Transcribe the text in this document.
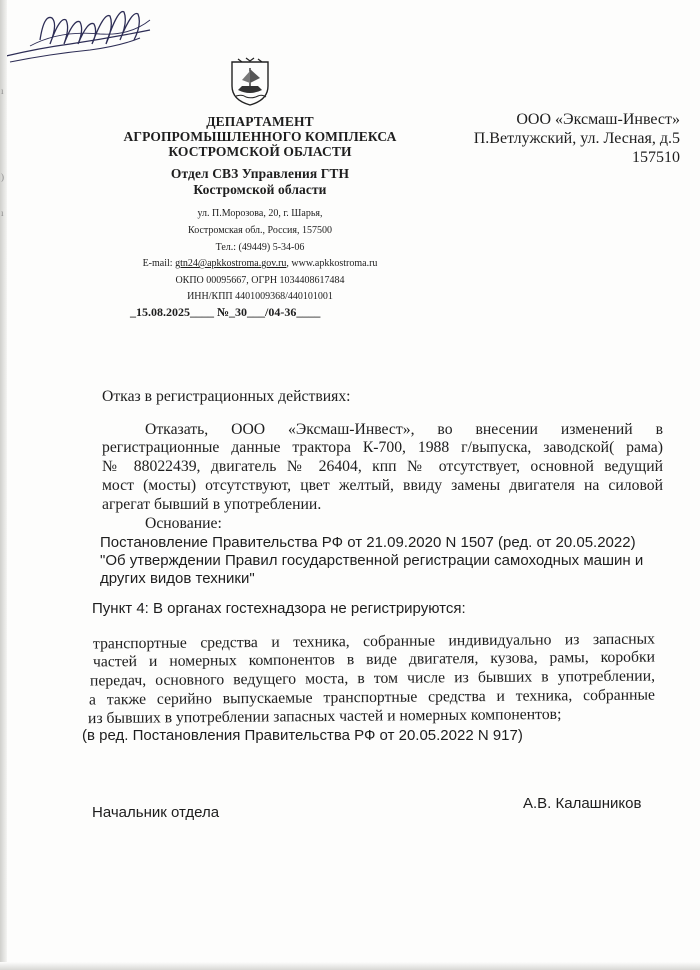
ı
)
ı
ДЕПАРТАМЕНТ
АГРОПРОМЫШЛЕННОГО КОМПЛЕКСА
КОСТРОМСКОЙ ОБЛАСТИ
Отдел СВЗ Управления ГТН
Костромской области
ул. П.Морозова, 20, г. Шарья,
Костромская обл., Россия, 157500
Тел.: (49449) 5-34-06
E-mail: gtn24@apkkostroma.gov.ru, www.apkkostroma.ru
ОКПО 00095667, ОГРН 1034408617484
ИНН/КПП 4401009368/440101001
_15.08.2025____ №_30___/04-36____
ООО «Эксмаш-Инвест»
П.Ветлужский, ул. Лесная, д.5
157510
Отказ в регистрационных действиях:
Отказать, ООО «Эксмаш-Инвест», во внесении изменений в
регистрационные данные трактора К-700, 1988 г/выпуска, заводской( рама)
№ 88022439, двигатель № 26404, кпп № отсутствует, основной ведущий
мост (мосты) отсутствуют, цвет желтый, ввиду замены двигателя на силовой
агрегат бывший в употреблении.
Основание:
Постановление Правительства РФ от 21.09.2020 N 1507 (ред. от 20.05.2022)
"Об утверждении Правил государственной регистрации самоходных машин и
других видов техники"
Пункт 4: В органах гостехнадзора не регистрируются:
транспортные средства и техника, собранные индивидуально из запасных
частей и номерных компонентов в виде двигателя, кузова, рамы, коробки
передач, основного ведущего моста, в том числе из бывших в употреблении,
а также серийно выпускаемые транспортные средства и техника, собранные
из бывших в употреблении запасных частей и номерных компонентов;
(в ред. Постановления Правительства РФ от 20.05.2022 N 917)
Начальник отдела
А.В. Калашников
